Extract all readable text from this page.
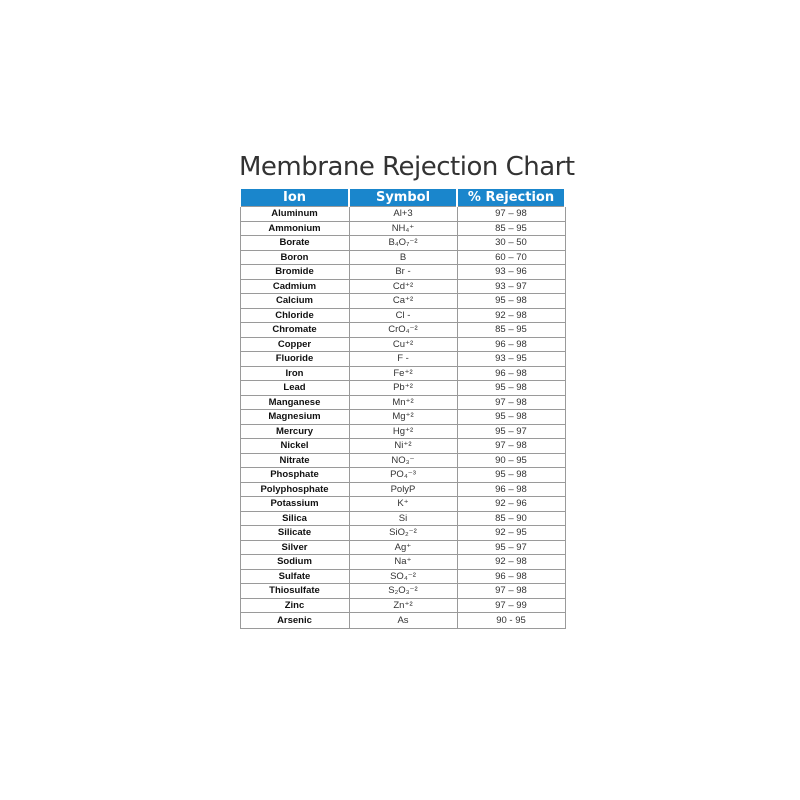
Membrane Rejection Chart
Ion	Symbol	% Rejection
Aluminum	Al+3	97 – 98
Ammonium	NH₄⁺	85 – 95
Borate	B₄O₇⁻²	30 – 50
Boron	B	60 – 70
Bromide	Br -	93 – 96
Cadmium	Cd⁺²	93 – 97
Calcium	Ca⁺²	95 – 98
Chloride	Cl -	92 – 98
Chromate	CrO₄⁻²	85 – 95
Copper	Cu⁺²	96 – 98
Fluoride	F -	93 – 95
Iron	Fe⁺²	96 – 98
Lead	Pb⁺²	95 – 98
Manganese	Mn⁺²	97 – 98
Magnesium	Mg⁺²	95 – 98
Mercury	Hg⁺²	95 – 97
Nickel	Ni⁺²	97 – 98
Nitrate	NO₃⁻	90 – 95
Phosphate	PO₄⁻³	95 – 98
Polyphosphate	PolyP	96 – 98
Potassium	K⁺	92 – 96
Silica	Si	85 – 90
Silicate	SiO₂⁻²	92 – 95
Silver	Ag⁺	95 – 97
Sodium	Na⁺	92 – 98
Sulfate	SO₄⁻²	96 – 98
Thiosulfate	S₂O₃⁻²	97 – 98
Zinc	Zn⁺²	97 – 99
Arsenic	As	90 - 95
